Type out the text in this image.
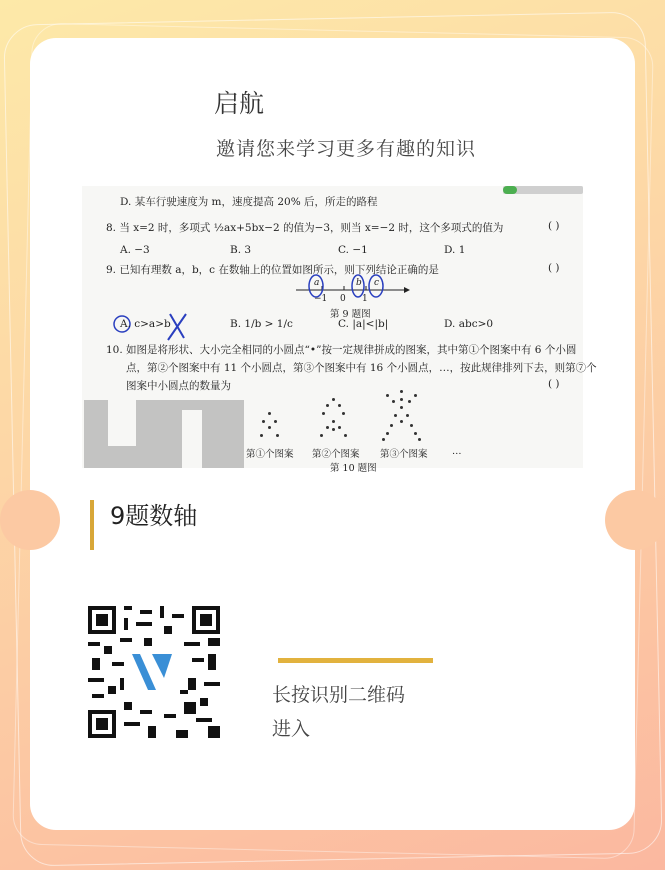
启航
邀请您来学习更多有趣的知识
D. 某车行驶速度为 m，速度提高 20% 后，所走的路程
8. 当 x=2 时，多项式 ½ax+5bx−2 的值为−3，则当 x=−2 时，这个多项式的值为	( )
A. −3	B. 3	C. −1	D. 1
9. 已知有理数 a，b，c 在数轴上的位置如图所示，则下列结论正确的是	( )
a
−1 0
b
1
c
第 9 题图
A. c>a>b	B. 1/b > 1/c	C. |a|<|b|	D. abc>0
10. 如图是将形状、大小完全相同的小圆点“•”按一定规律拼成的图案，其中第①个图案中有 6 个小圆
点，第②个图案中有 11 个小圆点，第③个图案中有 16 个小圆点，…，按此规律排列下去，则第⑦个
图案中小圆点的数量为	( )
第①个图案 第②个图案 第③个图案	…
第 10 题图
9题数轴
长按识别二维码
进入
